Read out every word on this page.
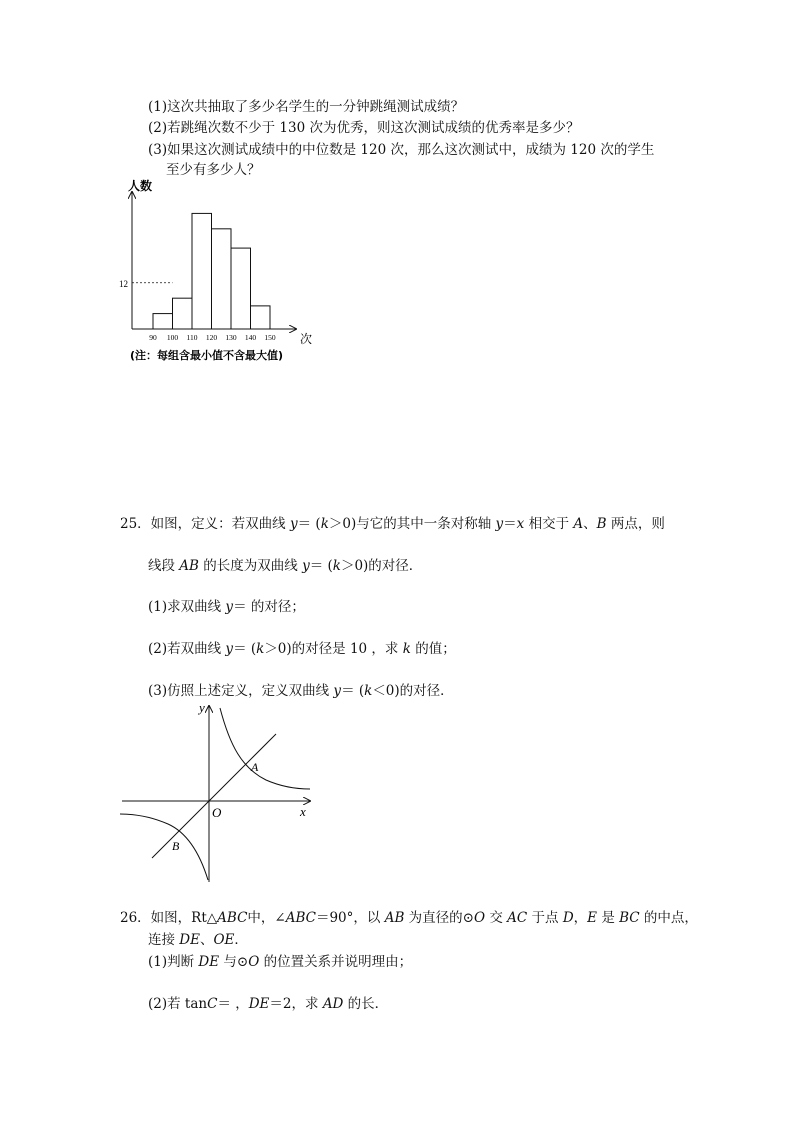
(1)这次共抽取了多少名学生的一分钟跳绳测试成绩？
(2)若跳绳次数不少于 130 次为优秀，则这次测试成绩的优秀率是多少？
(3)如果这次测试成绩中的中位数是 120 次，那么这次测试中，成绩为 120 次的学生
至少有多少人？
12
90 100 110 120 130 140 150
人数
次
(注：每组含最小值不含最大值)
25．如图，定义：若双曲线 y＝ (k＞0)与它的其中一条对称轴 y＝x 相交于 A、B 两点，则
线段 AB 的长度为双曲线 y＝ (k＞0)的对径．
(1)求双曲线 y＝ 的对径；
(2)若双曲线 y＝ (k＞0)的对径是 10 ，求 k 的值；
(3)仿照上述定义，定义双曲线 y＝ (k＜0)的对径．
y
x
O
A
B
26．如图，Rt△ABC中，∠ABC＝90°，以 AB 为直径的⊙O 交 AC 于点 D，E 是 BC 的中点，
连接 DE、OE．
(1)判断 DE 与⊙O 的位置关系并说明理由；
(2)若 tanC＝ ，DE＝2，求 AD 的长．
